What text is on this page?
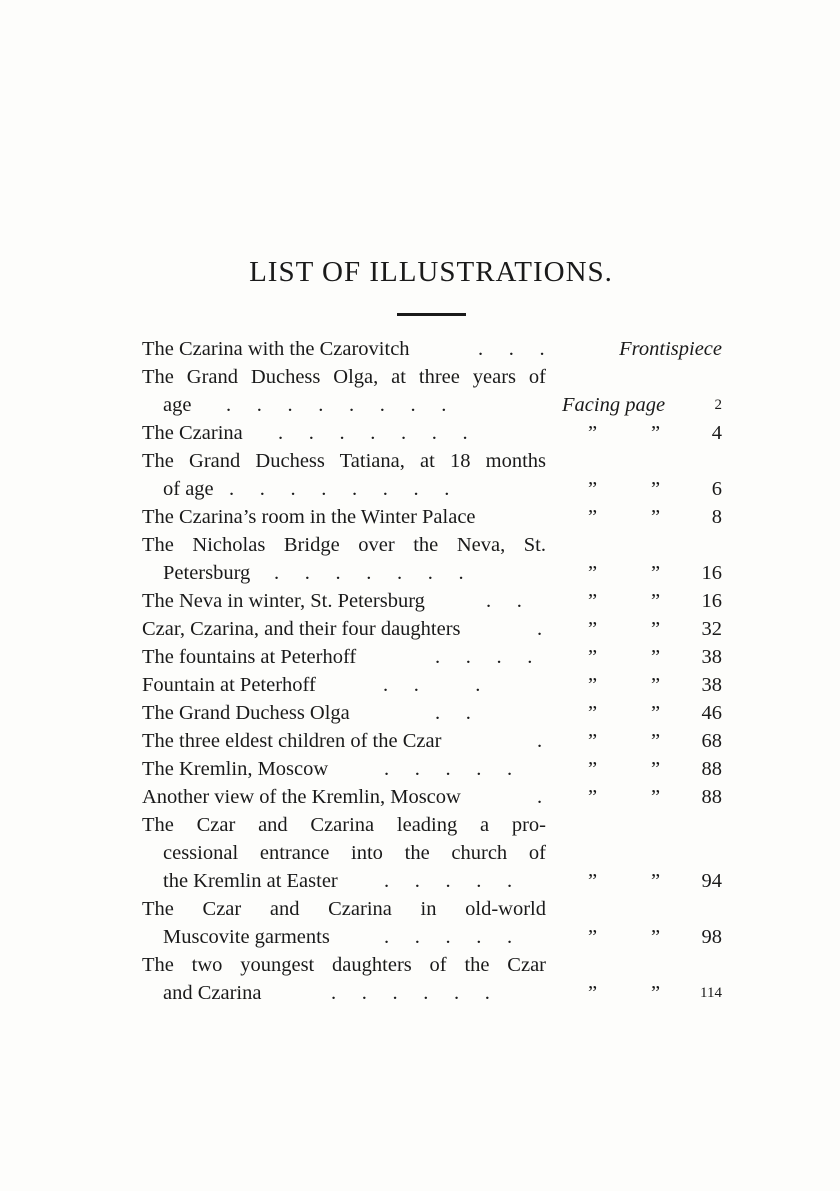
LIST OF ILLUSTRATIONS.
The Czarina with the Czarovitch	.     .     .	Frontispiece
The Grand Duchess Olga, at three years of
age .     .     .     .     .     .     .     .	Facing page	2
The Czarina .     .     .     .     .     .     .	”	”	4
The Grand Duchess Tatiana, at 18 months
of age .     .     .     .     .     .     .     .	”	”	6
The Czarina’s room in the Winter Palace	”	”	8
The Nicholas Bridge over the Neva, St.
Petersburg .     .     .     .     .     .     .	”	” 16
The Neva in winter, St. Petersburg	.     .	”	” 16
Czar, Czarina, and their four daughters	. ”	” 32
The fountains at Peterhoff	.     .     .     .	”	” 38
Fountain at Peterhoff	.     .           .	”	” 38
The Grand Duchess Olga	.     .	”	” 46
The three eldest children of the Czar	. ”	” 68
The Kremlin, Moscow	.     .     .     .     .	”	” 88
Another view of the Kremlin, Moscow	. ”	” 88
The Czar and Czarina leading a pro-
cessional entrance into the church of
the Kremlin at Easter .     .     .     .     .	”	” 94
The Czar and Czarina in old-world
Muscovite garments	.     .     .     .     .	”	” 98
The two youngest daughters of the Czar
and Czarina	.     .     .     .     .     .	”	”	114
